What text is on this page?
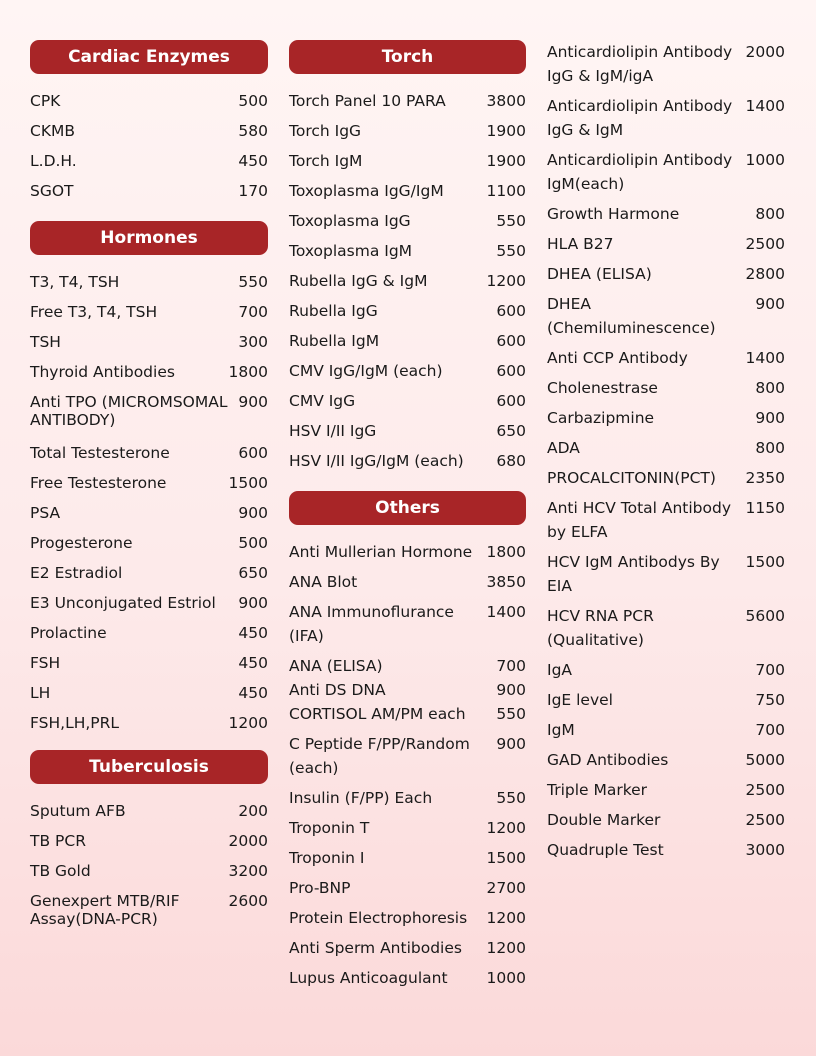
Cardiac Enzymes
CPK	500
CKMB	580
L.D.H.	450
SGOT	170
Hormones
T3, T4, TSH	550
Free T3, T4, TSH	700
TSH	300
Thyroid Antibodies	1800
Anti TPO (MICROMSOMAL ANTIBODY)
900
Total Testesterone	600
Free Testesterone	1500
PSA	900
Progesterone	500
E2 Estradiol	650
E3 Unconjugated Estriol	900
Prolactine	450
FSH	450
LH	450
FSH,LH,PRL	1200
Tuberculosis
Sputum AFB	200
TB PCR	2000
TB Gold	3200
Genexpert MTB/RIF Assay(DNA-PCR)
2600
Torch
Torch Panel 10 PARA	3800
Torch IgG	1900
Torch IgM	1900
Toxoplasma IgG/IgM	1100
Toxoplasma IgG	550
Toxoplasma IgM	550
Rubella IgG & IgM	1200
Rubella IgG	600
Rubella IgM	600
CMV IgG/IgM (each)	600
CMV IgG	600
HSV I/II IgG	650
HSV I/II IgG/IgM (each)	680
Others
Anti Mullerian Hormone 1800
ANA Blot	3850
ANA Immunoflurance (IFA)
1400
ANA (ELISA)	700
Anti DS DNA	900
CORTISOL AM/PM each	550
C Peptide F/PP/Random (each)
900
Insulin (F/PP) Each	550
Troponin T	1200
Troponin I	1500
Pro-BNP	2700
Protein Electrophoresis	1200
Anti Sperm Antibodies	1200
Lupus Anticoagulant	1000
Anticardiolipin Antibody IgG & IgM/igA
2000
Anticardiolipin Antibody IgG & IgM
1400
Anticardiolipin Antibody IgM(each)
1000
Growth Harmone	800
HLA B27	2500
DHEA (ELISA)	2800
DHEA (Chemiluminescence)
900
Anti CCP Antibody	1400
Cholenestrase	800
Carbazipmine	900
ADA	800
PROCALCITONIN(PCT)	2350
Anti HCV Total Antibody by ELFA
1150
HCV IgM Antibodys By EIA
1500
HCV RNA PCR (Qualitative)
5600
IgA	700
IgE level	750
IgM	700
GAD Antibodies	5000
Triple Marker	2500
Double Marker	2500
Quadruple Test	3000
